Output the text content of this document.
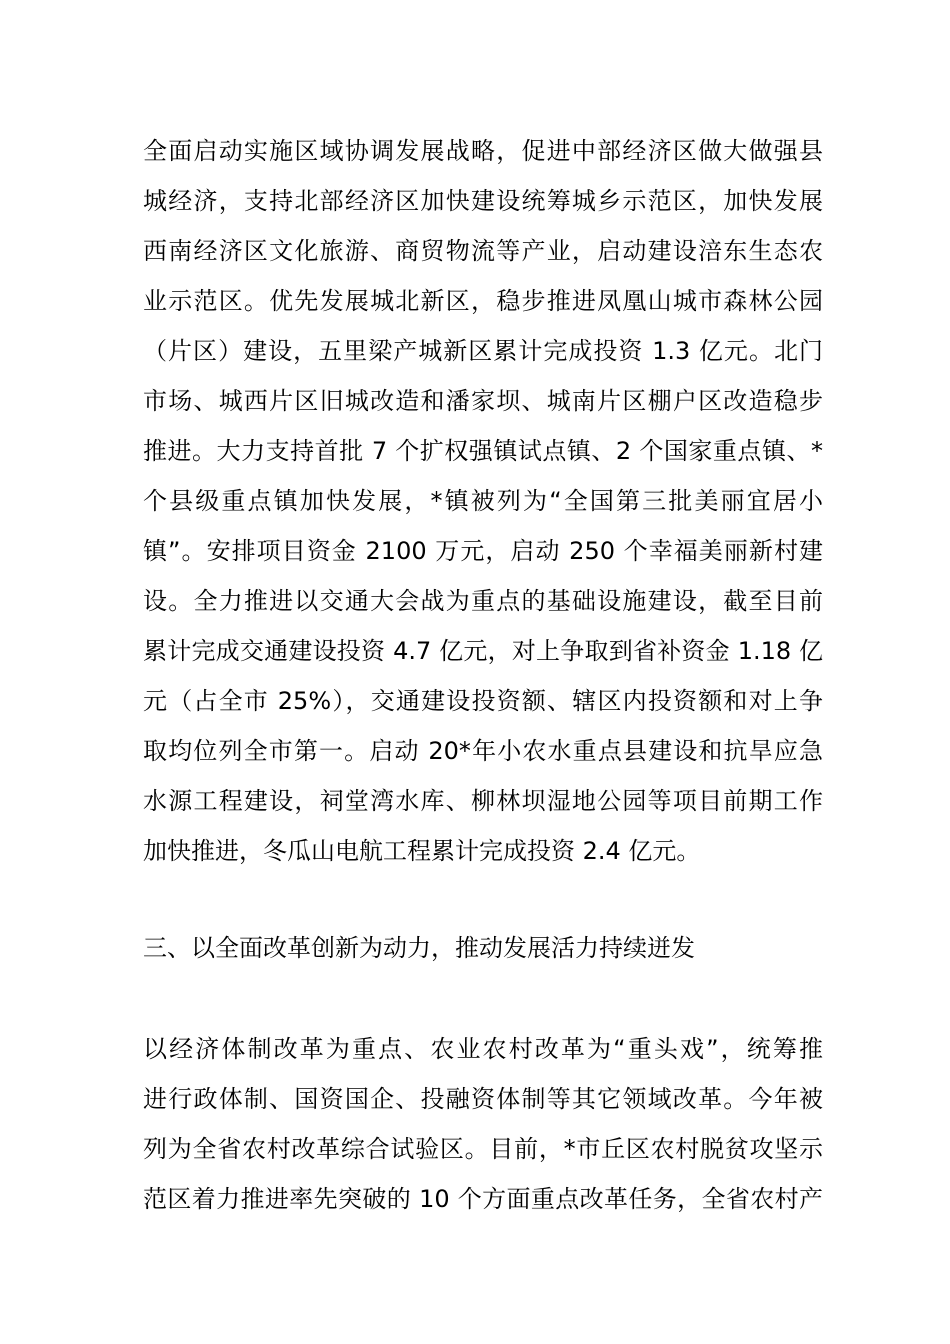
全面启动实施区域协调发展战略，促进中部经济区做大做强县
城经济，支持北部经济区加快建设统筹城乡示范区，加快发展
西南经济区文化旅游、商贸物流等产业，启动建设涪东生态农
业示范区。优先发展城北新区，稳步推进凤凰山城市森林公园
（片区）建设，五里梁产城新区累计完成投资 1.3 亿元。北门
市场、城西片区旧城改造和潘家坝、城南片区棚户区改造稳步
推进。大力支持首批 7 个扩权强镇试点镇、2 个国家重点镇、*
个县级重点镇加快发展，*镇被列为“全国第三批美丽宜居小
镇”。安排项目资金 2100 万元，启动 250 个幸福美丽新村建
设。全力推进以交通大会战为重点的基础设施建设，截至目前
累计完成交通建设投资 4.7 亿元，对上争取到省补资金 1.18 亿
元（占全市 25%），交通建设投资额、辖区内投资额和对上争
取均位列全市第一。启动 20*年小农水重点县建设和抗旱应急
水源工程建设，祠堂湾水库、柳林坝湿地公园等项目前期工作
加快推进，冬瓜山电航工程累计完成投资 2.4 亿元。
三、以全面改革创新为动力，推动发展活力持续迸发
以经济体制改革为重点、农业农村改革为“重头戏”，统筹推
进行政体制、国资国企、投融资体制等其它领域改革。今年被
列为全省农村改革综合试验区。目前，*市丘区农村脱贫攻坚示
范区着力推进率先突破的 10 个方面重点改革任务，全省农村产
